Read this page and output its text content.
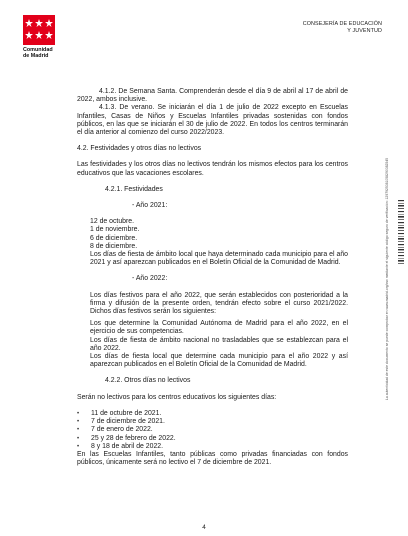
Comunidad
de Madrid
CONSEJERÍA DE EDUCACIÓN
Y JUVENTUD

4.1.2. De Semana Santa. Comprenderán desde el día 9 de abril al 17 de abril de 2022, ambos inclusive.

4.1.3. De verano. Se iniciarán el día 1 de julio de 2022 excepto en Escuelas Infantiles, Casas de Niños y Escuelas Infantiles privadas sostenidas con fondos públicos, en las que se iniciarán el 30 de julio de 2022. En todos los centros terminarán el día anterior al comienzo del curso 2022/2023.

4.2. Festividades y otros días no lectivos

Las festividades y los otros días no lectivos tendrán los mismos efectos para los centros educativos que las vacaciones escolares.

4.2.1. Festividades

- Año 2021:

12 de octubre.
1 de noviembre.
6 de diciembre.
8 de diciembre.

Los días de fiesta de ámbito local que haya determinado cada municipio para el año 2021 y así aparezcan publicados en el Boletín Oficial de la Comunidad de Madrid.

- Año 2022:

Los días festivos para el año 2022, que serán establecidos con posterioridad a la firma y difusión de la presente orden, tendrán efecto sobre el curso 2021/2022. Dichos días festivos serán los siguientes:

Los que determine la Comunidad Autónoma de Madrid para el año 2022, en el ejercicio de sus competencias.

Los días de fiesta de ámbito nacional no trasladables que se establezcan para el año 2022.

Los días de fiesta local que determine cada municipio para el año 2022 y así aparezcan publicados en el Boletín Oficial de la Comunidad de Madrid.

4.2.2. Otros días no lectivos

Serán no lectivos para los centros educativos los siguientes días:

• 11 de octubre de 2021.
• 7 de diciembre de 2021.
• 7 de enero de 2022.
• 25 y 28 de febrero de 2022.
• 8 y 18 de abril de 2022.

En las Escuelas Infantiles, tanto públicas como privadas financiadas con fondos públicos, únicamente será no lectivo el 7 de diciembre de 2021.

La autenticidad de este documento se puede comprobar en www.madrid.org/csv mediante el siguiente código seguro de verificación: 1297925081058290082545
4
